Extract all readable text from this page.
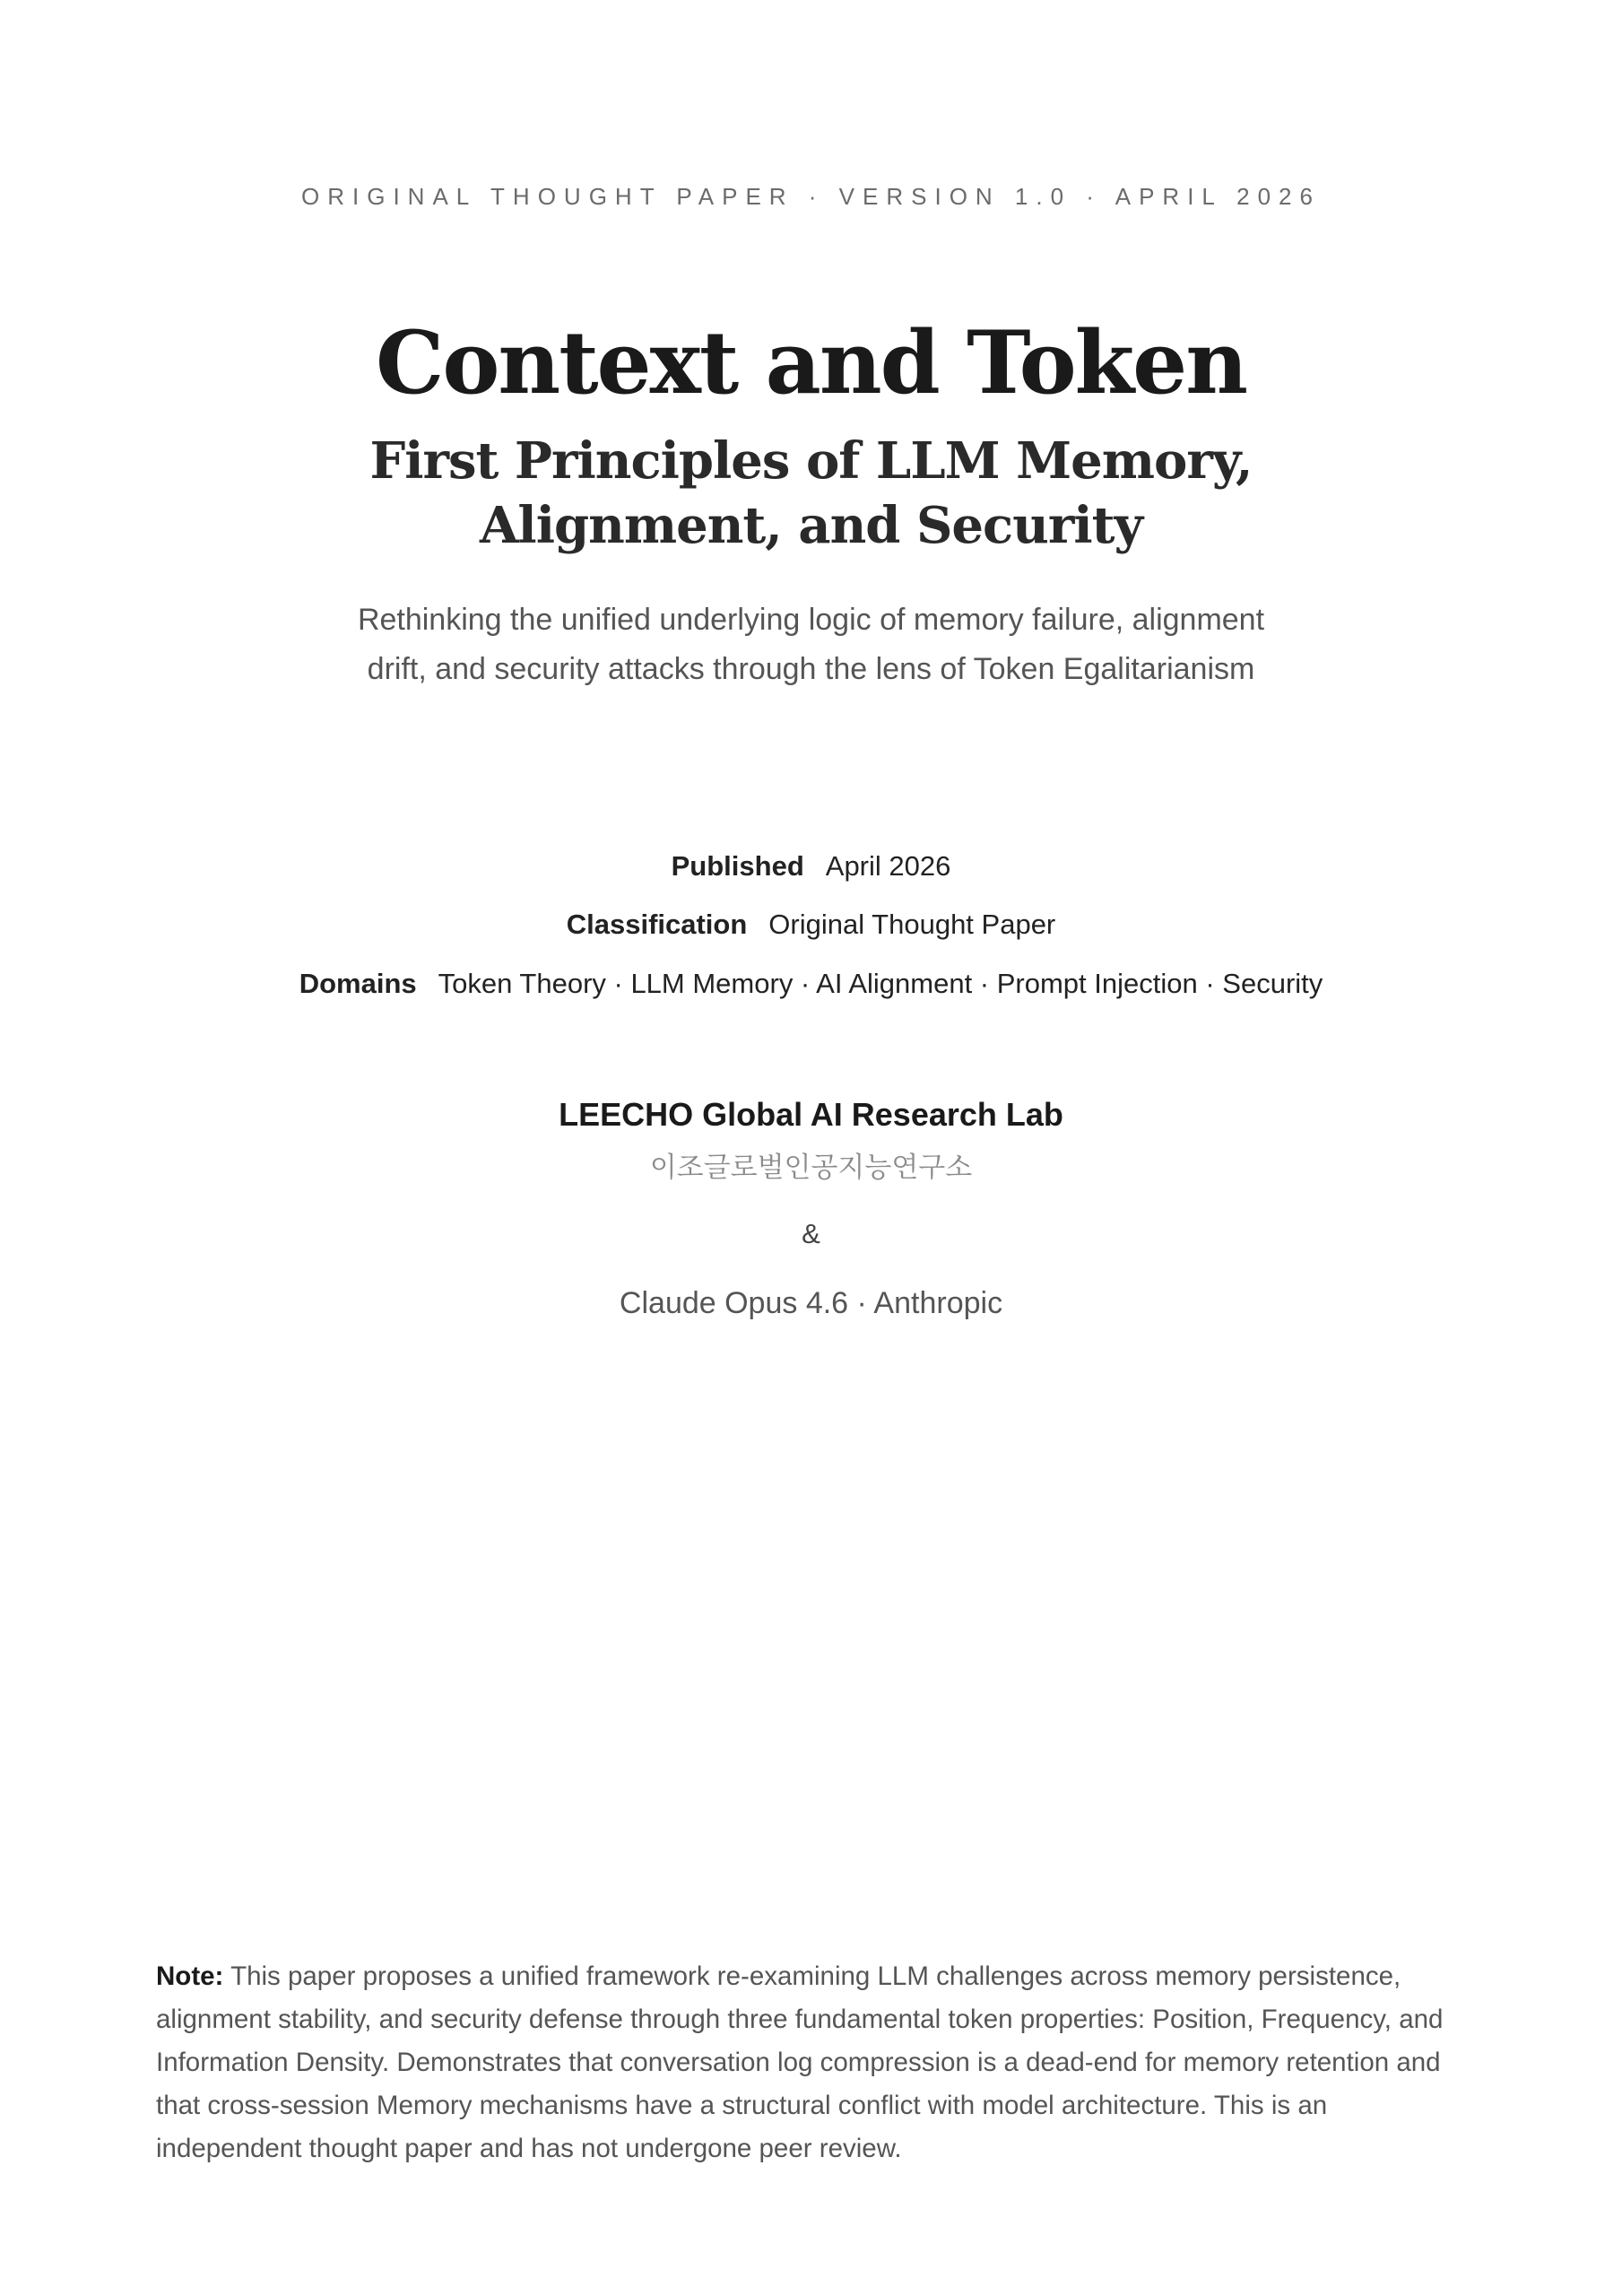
ORIGINAL THOUGHT PAPER · VERSION 1.0 · APRIL 2026
Context and Token
First Principles of LLM Memory,
Alignment, and Security
Rethinking the unified underlying logic of memory failure, alignment
drift, and security attacks through the lens of Token Egalitarianism
Published April 2026
Classification Original Thought Paper
Domains Token Theory · LLM Memory · AI Alignment · Prompt Injection · Security
LEECHO Global AI Research Lab
이조글로벌인공지능연구소
&
Claude Opus 4.6 · Anthropic
Note: This paper proposes a unified framework re-examining LLM challenges across memory persistence, alignment stability, and security defense through three fundamental token properties: Position, Frequency, and Information Density. Demonstrates that conversation log compression is a dead-end for memory retention and that cross-session Memory mechanisms have a structural conflict with model architecture. This is an independent thought paper and has not undergone peer review.
